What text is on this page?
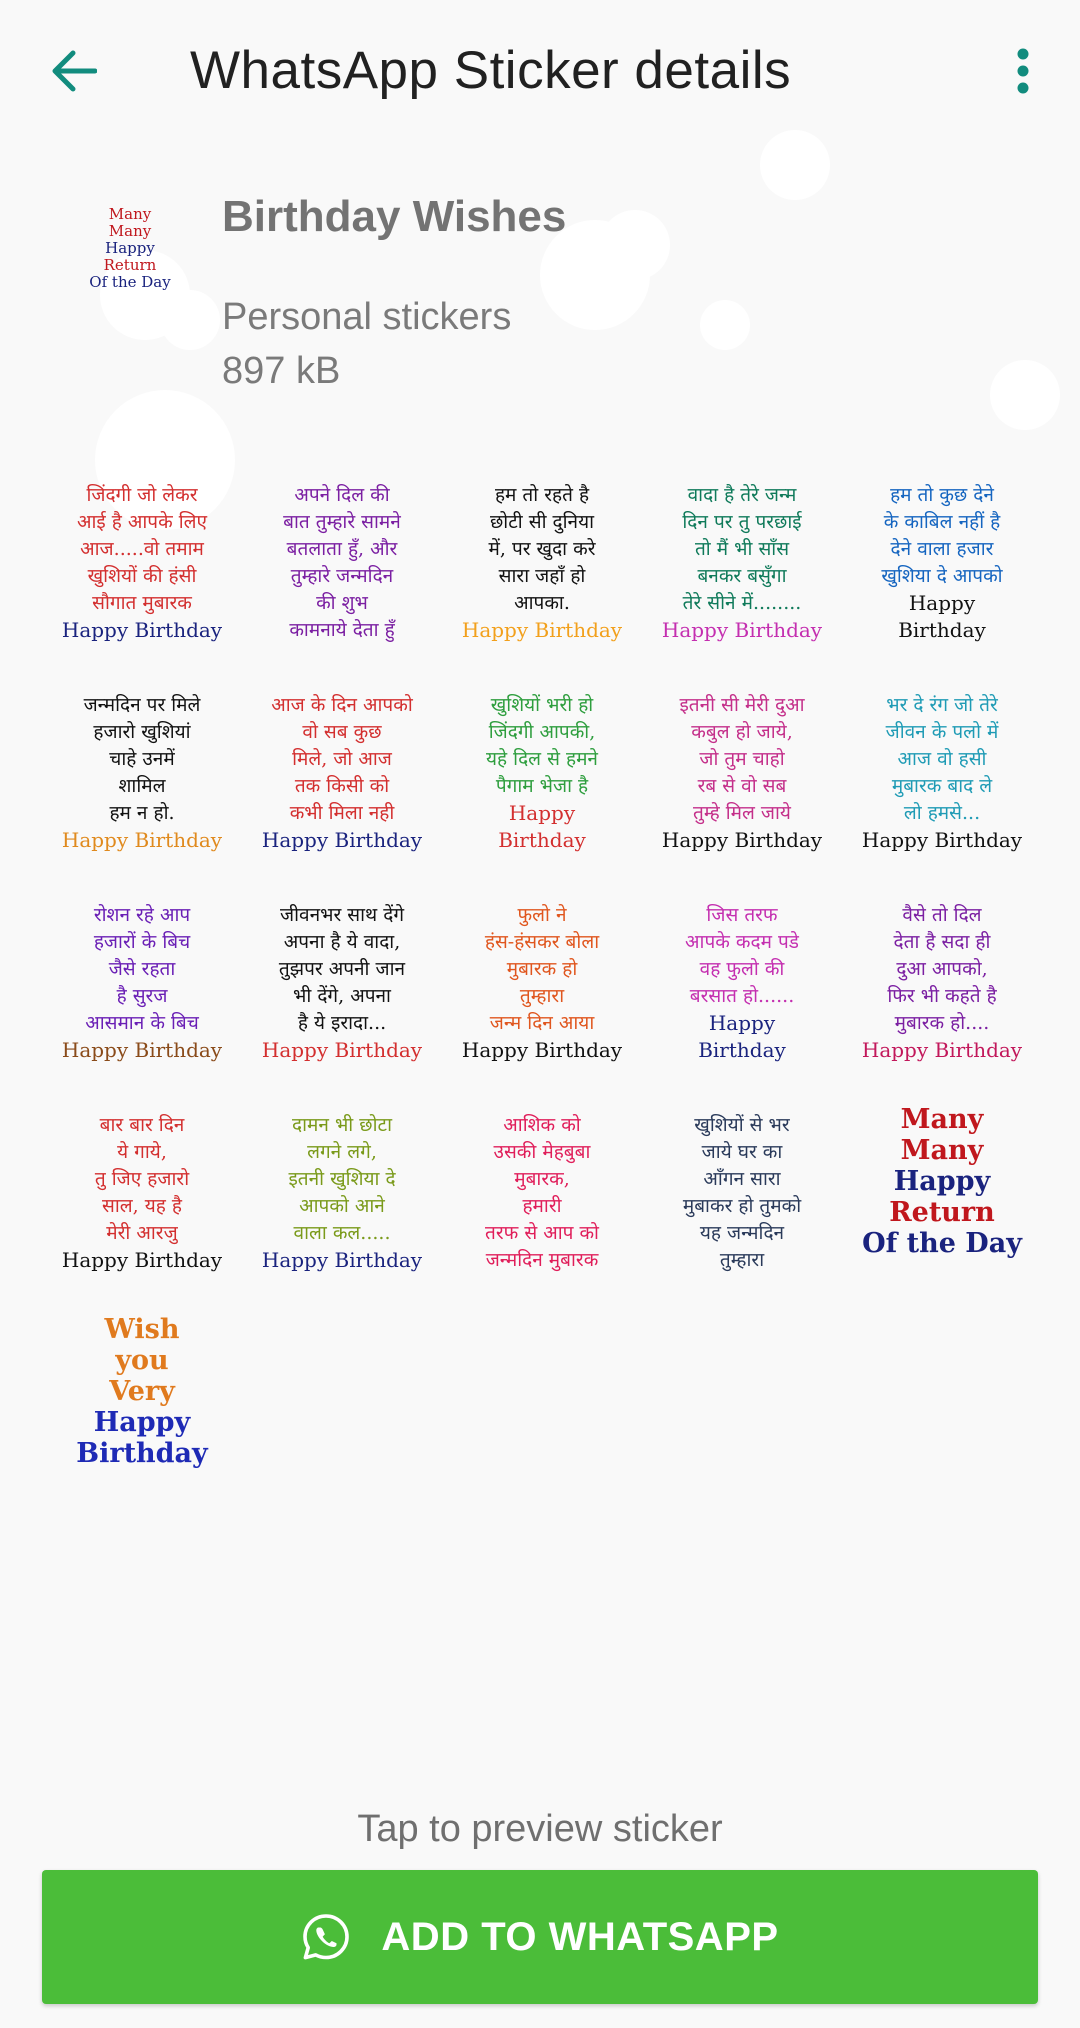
WhatsApp Sticker details
Many
Many
Happy
Return
Of the Day
Birthday Wishes
Personal stickers
897 kB
जिंदगी जो लेकर
आई है आपके लिए
आज.....वो तमाम
खुशियों की हंसी
सौगात मुबारक
Happy Birthday
अपने दिल की
बात तुम्हारे सामने
बतलाता हुँ, और
तुम्हारे जन्मदिन
की शुभ
कामनाये देता हुँ
हम तो रहते है
छोटी सी दुनिया
में, पर खुदा करे
सारा जहाँ हो
आपका.
Happy Birthday
वादा है तेरे जन्म
दिन पर तु परछाई
तो मैं भी साँस
बनकर बसुँगा
तेरे सीने में........
Happy Birthday
हम तो कुछ देने
के काबिल नहीं है
देने वाला हजार
खुशिया दे आपको
Happy
Birthday
जन्मदिन पर मिले
हजारो खुशियां
चाहे उनमें
शामिल
हम न हो.
Happy Birthday
आज के दिन आपको
वो सब कुछ
मिले, जो आज
तक किसी को
कभी मिला नही
Happy Birthday
खुशियों भरी हो
जिंदगी आपकी,
यहे दिल से हमने
पैगाम भेजा है
Happy
Birthday
इतनी सी मेरी दुआ
कबुल हो जाये,
जो तुम चाहो
रब से वो सब
तुम्हे मिल जाये
Happy Birthday
भर दे रंग जो तेरे
जीवन के पलो में
आज वो हसी
मुबारक बाद ले
लो हमसे...
Happy Birthday
रोशन रहे आप
हजारों के बिच
जैसे रहता
है सुरज
आसमान के बिच
Happy Birthday
जीवनभर साथ देंगे
अपना है ये वादा,
तुझपर अपनी जान
भी देंगे, अपना
है ये इरादा...
Happy Birthday
फुलो ने
हंस-हंसकर बोला
मुबारक हो
तुम्हारा
जन्म दिन आया
Happy Birthday
जिस तरफ
आपके कदम पडे
वह फुलो की
बरसात हो......
Happy
Birthday
वैसे तो दिल
देता है सदा ही
दुआ आपको,
फिर भी कहते है
मुबारक हो....
Happy Birthday
बार बार दिन
ये गाये,
तु जिए हजारो
साल, यह है
मेरी आरजु
Happy Birthday
दामन भी छोटा
लगने लगे,
इतनी खुशिया दे
आपको आने
वाला कल.....
Happy Birthday
आशिक को
उसकी मेहबुबा
मुबारक,
हमारी
तरफ से आप को
जन्मदिन मुबारक
खुशियों से भर
जाये घर का
आँगन सारा
मुबाकर हो तुमको
यह जन्मदिन
तुम्हारा
Many
Many
Happy
Return
Of the Day
Wish
you
Very
Happy
Birthday
Tap to preview sticker
ADD TO WHATSAPP
